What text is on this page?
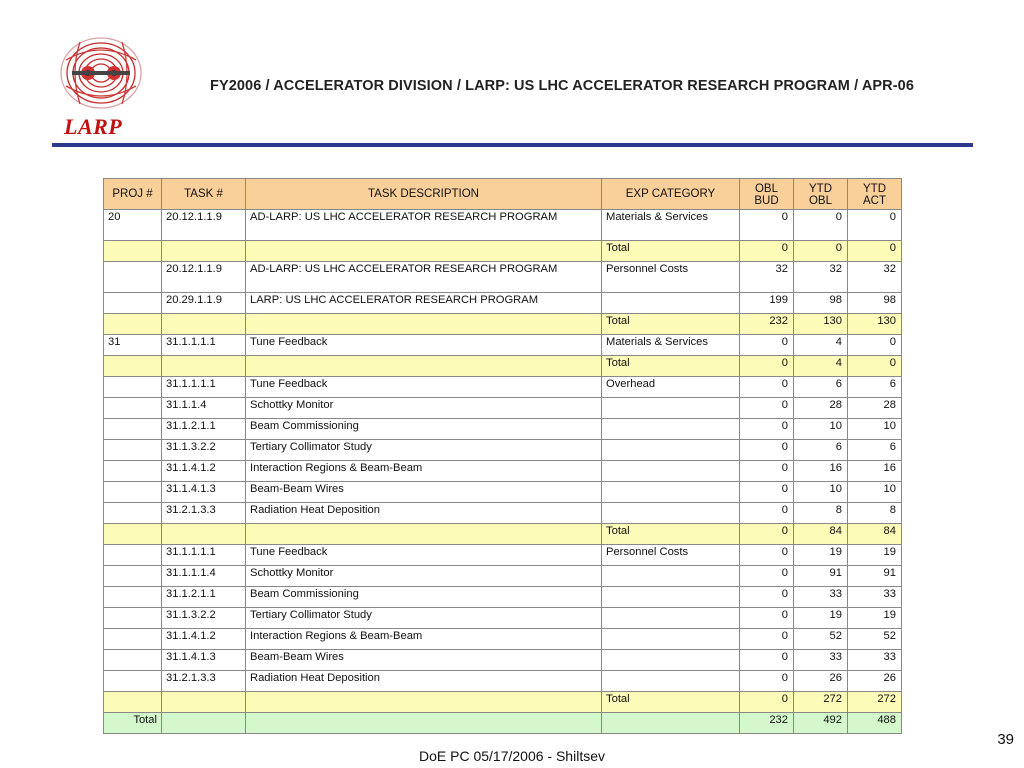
LARP
FY2006 / ACCELERATOR DIVISION / LARP: US LHC ACCELERATOR RESEARCH PROGRAM / APR-06
PROJ #	TASK #	TASK DESCRIPTION	EXP CATEGORY	OBL BUD	YTD OBL	YTD ACT
20	20.12.1.1.9	AD-LARP: US LHC ACCELERATOR RESEARCH PROGRAM	Materials & Services	0	0	0
			Total	0	0	0
	20.12.1.1.9	AD-LARP: US LHC ACCELERATOR RESEARCH PROGRAM	Personnel Costs	32	32	32
	20.29.1.1.9	LARP: US LHC ACCELERATOR RESEARCH PROGRAM		199	98	98
			Total	232	130	130
31	31.1.1.1.1	Tune Feedback	Materials & Services	0	4	0
			Total	0	4	0
	31.1.1.1.1	Tune Feedback	Overhead	0	6	6
	31.1.1.4	Schottky Monitor		0	28	28
	31.1.2.1.1	Beam Commissioning		0	10	10
	31.1.3.2.2	Tertiary Collimator Study		0	6	6
	31.1.4.1.2	Interaction Regions & Beam-Beam		0	16	16
	31.1.4.1.3	Beam-Beam Wires		0	10	10
	31.2.1.3.3	Radiation Heat Deposition		0	8	8
			Total	0	84	84
	31.1.1.1.1	Tune Feedback	Personnel Costs	0	19	19
	31.1.1.1.4	Schottky Monitor		0	91	91
	31.1.2.1.1	Beam Commissioning		0	33	33
	31.1.3.2.2	Tertiary Collimator Study		0	19	19
	31.1.4.1.2	Interaction Regions & Beam-Beam		0	52	52
	31.1.4.1.3	Beam-Beam Wires		0	33	33
	31.2.1.3.3	Radiation Heat Deposition		0	26	26
			Total	0	272	272
Total				232	492	488
DoE PC 05/17/2006 - Shiltsev
39
